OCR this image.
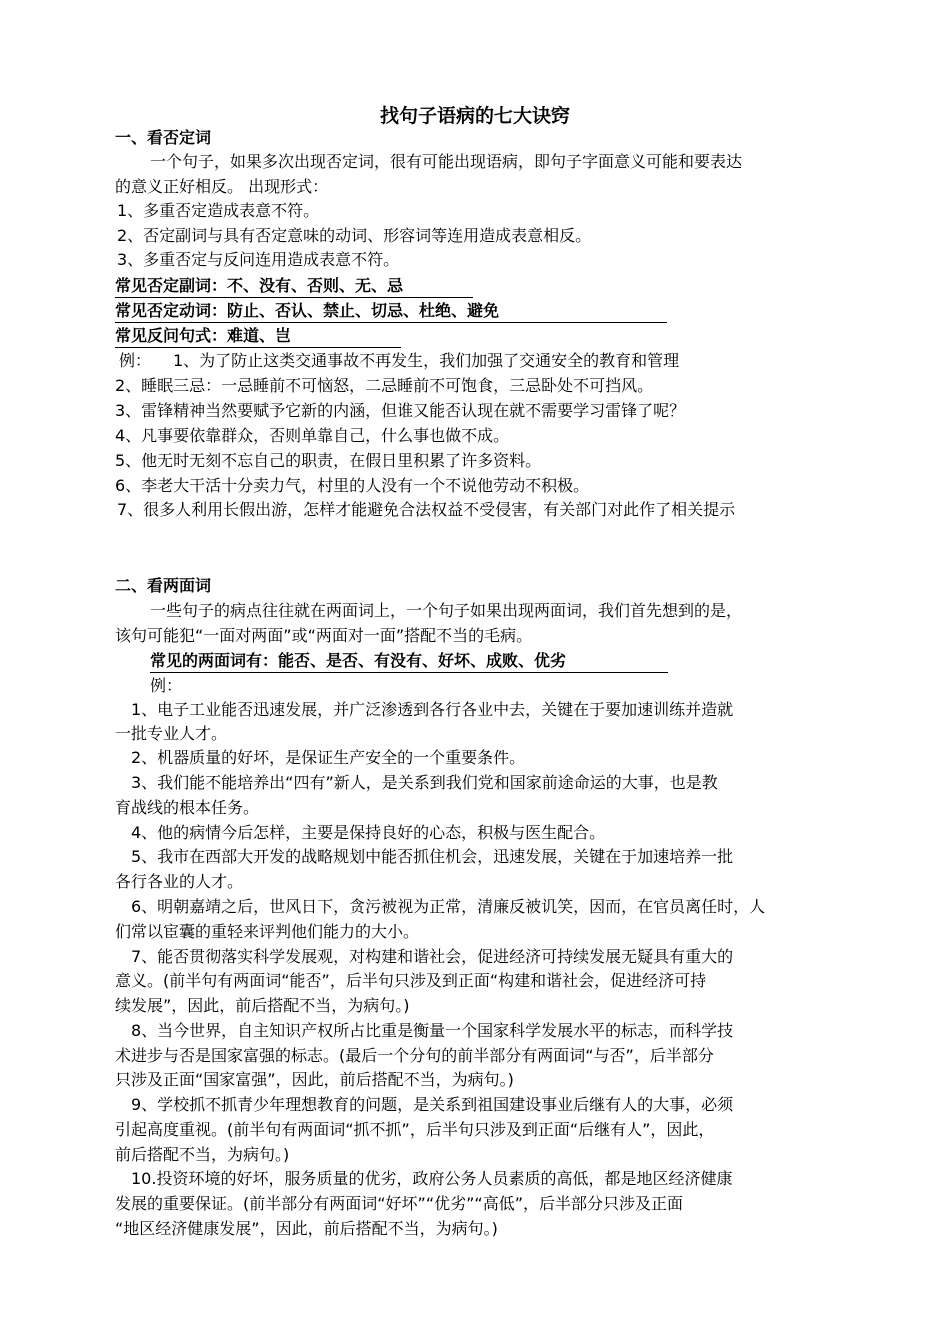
找句子语病的七大诀窍
一、看否定词
一个句子，如果多次出现否定词，很有可能出现语病，即句子字面意义可能和要表达
的意义正好相反。 出现形式：
1、多重否定造成表意不符。
2、否定副词与具有否定意味的动词、形容词等连用造成表意相反。
3、多重否定与反问连用造成表意不符。
常见否定副词：不、没有、否则、无、忌
常见否定动词：防止、否认、禁止、切忌、杜绝、避免
常见反问句式：难道、岂
例： 1、为了防止这类交通事故不再发生，我们加强了交通安全的教育和管理
2、睡眠三忌：一忌睡前不可恼怒，二忌睡前不可饱食，三忌卧处不可挡风。
3、雷锋精神当然要赋予它新的内涵，但谁又能否认现在就不需要学习雷锋了呢？
4、凡事要依靠群众，否则单靠自己，什么事也做不成。
5、他无时无刻不忘自己的职责，在假日里积累了许多资料。
6、李老大干活十分卖力气，村里的人没有一个不说他劳动不积极。
7、很多人利用长假出游，怎样才能避免合法权益不受侵害，有关部门对此作了相关提示
二、看两面词
一些句子的病点往往就在两面词上，一个句子如果出现两面词，我们首先想到的是，
该句可能犯“一面对两面”或“两面对一面”搭配不当的毛病。
常见的两面词有：能否、是否、有没有、好坏、成败、优劣
例：
1、电子工业能否迅速发展，并广泛渗透到各行各业中去，关键在于要加速训练并造就
一批专业人才。
2、机器质量的好坏，是保证生产安全的一个重要条件。
3、我们能不能培养出“四有”新人，是关系到我们党和国家前途命运的大事，也是教
育战线的根本任务。
4、他的病情今后怎样，主要是保持良好的心态，积极与医生配合。
5、我市在西部大开发的战略规划中能否抓住机会，迅速发展，关键在于加速培养一批
各行各业的人才。
6、明朝嘉靖之后，世风日下，贪污被视为正常，清廉反被讥笑，因而，在官员离任时，人
们常以宦囊的重轻来评判他们能力的大小。
7、能否贯彻落实科学发展观，对构建和谐社会，促进经济可持续发展无疑具有重大的
意义。(前半句有两面词“能否”，后半句只涉及到正面“构建和谐社会，促进经济可持
续发展”，因此，前后搭配不当，为病句。)
8、当今世界，自主知识产权所占比重是衡量一个国家科学发展水平的标志，而科学技
术进步与否是国家富强的标志。(最后一个分句的前半部分有两面词“与否”，后半部分
只涉及正面“国家富强”，因此，前后搭配不当，为病句。)
9、学校抓不抓青少年理想教育的问题，是关系到祖国建设事业后继有人的大事，必须
引起高度重视。(前半句有两面词“抓不抓”，后半句只涉及到正面“后继有人”，因此，
前后搭配不当，为病句。)
10.投资环境的好坏，服务质量的优劣，政府公务人员素质的高低，都是地区经济健康
发展的重要保证。(前半部分有两面词“好坏”“优劣”“高低”，后半部分只涉及正面
“地区经济健康发展”，因此，前后搭配不当，为病句。)
